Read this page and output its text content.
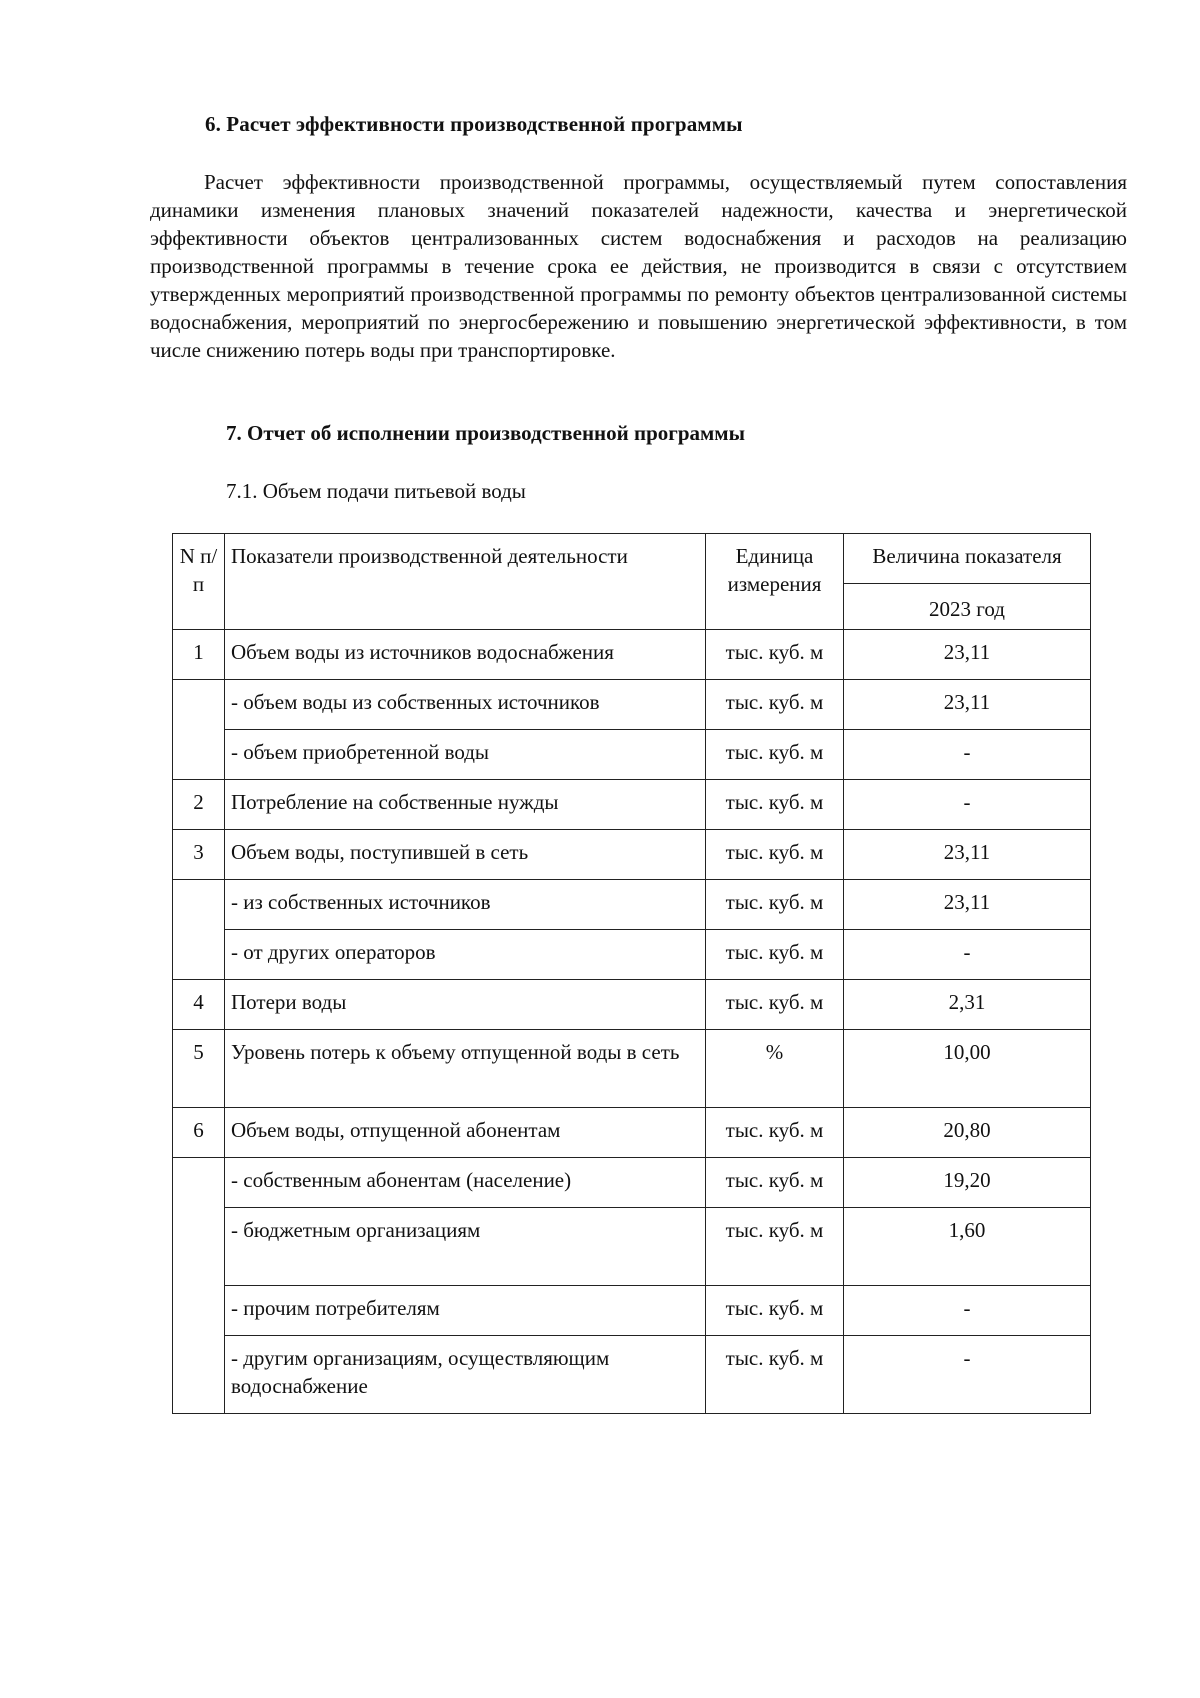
6. Расчет эффективности производственной программы
Расчет эффективности производственной программы, осуществляемый путем сопоставления динамики изменения плановых значений показателей надежности, качества и энергетической эффективности объектов централизованных систем водоснабжения и расходов на реализацию производственной программы в течение срока ее действия, не производится в связи с отсутствием утвержденных мероприятий производственной программы по ремонту объектов централизованной системы водоснабжения, мероприятий по энергосбережению и повышению энергетической эффективности, в том числе снижению потерь воды при транспортировке.
7. Отчет об исполнении производственной программы
7.1. Объем подачи питьевой воды
N п/п	Показатели производственной деятельности	Единица измерения	Величина показателя
			2023 год
1	Объем воды из источников водоснабжения	тыс. куб. м	23,11
	- объем воды из собственных источников	тыс. куб. м	23,11
	- объем приобретенной воды	тыс. куб. м	-
2	Потребление на собственные нужды	тыс. куб. м	-
3	Объем воды, поступившей в сеть	тыс. куб. м	23,11
	- из собственных источников	тыс. куб. м	23,11
	- от других операторов	тыс. куб. м	-
4	Потери воды	тыс. куб. м	2,31
5	Уровень потерь к объему отпущенной воды в сеть	%	10,00
6	Объем воды, отпущенной абонентам	тыс. куб. м	20,80
	- собственным абонентам (население)	тыс. куб. м	19,20
	- бюджетным организациям	тыс. куб. м	1,60
	- прочим потребителям	тыс. куб. м	-
	- другим организациям, осуществляющим водоснабжение	тыс. куб. м	-
